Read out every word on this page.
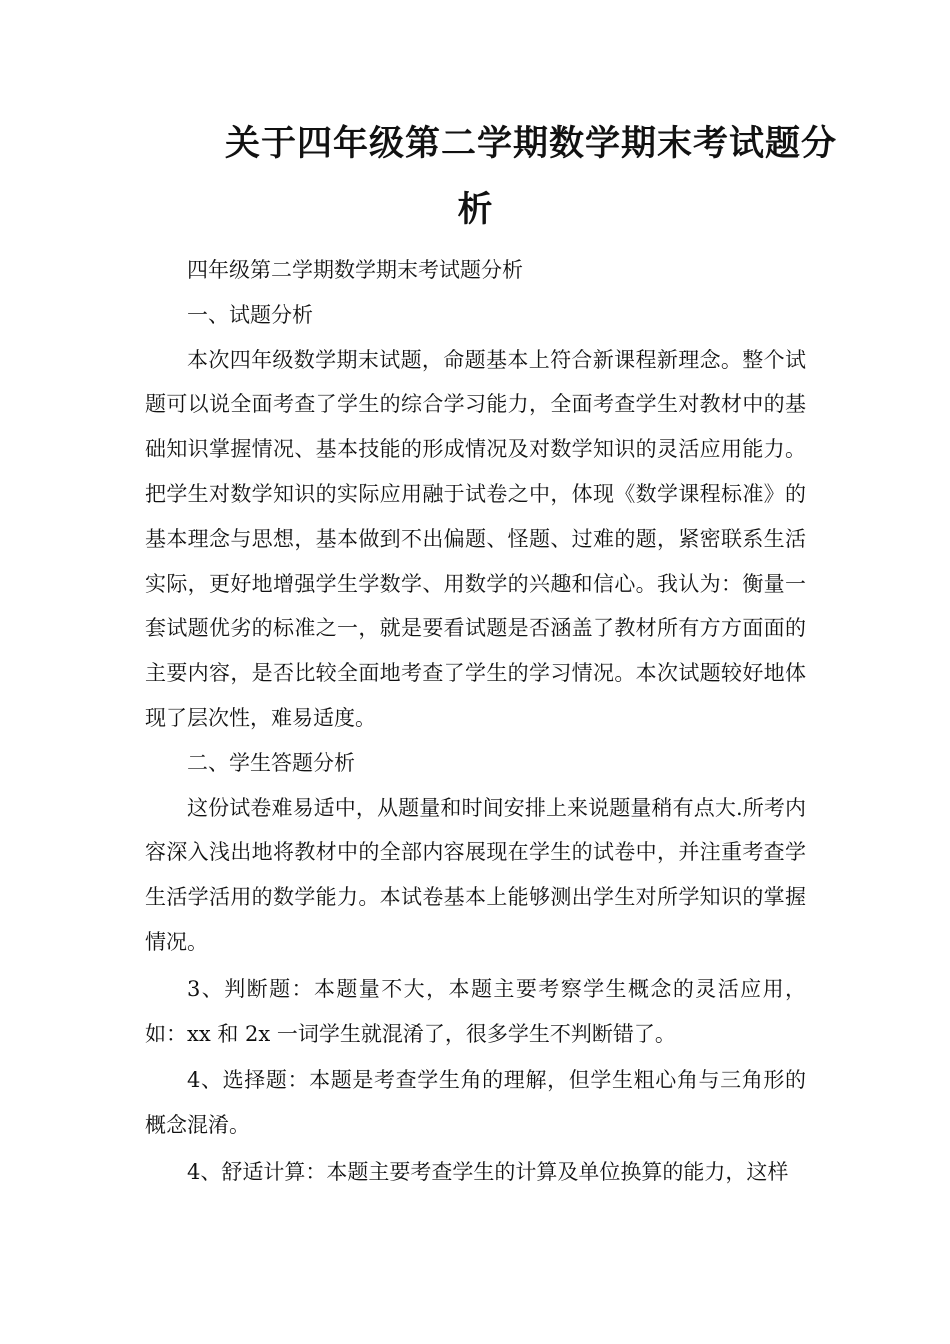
关于四年级第二学期数学期末考试题分
析

四年级第二学期数学期末考试题分析

一、试题分析

本次四年级数学期末试题，命题基本上符合新课程新理念。整个试题可以说全面考查了学生的综合学习能力，全面考查学生对教材中的基础知识掌握情况、基本技能的形成情况及对数学知识的灵活应用能力。把学生对数学知识的实际应用融于试卷之中，体现《数学课程标准》的基本理念与思想，基本做到不出偏题、怪题、过难的题，紧密联系生活实际，更好地增强学生学数学、用数学的兴趣和信心。我认为：衡量一套试题优劣的标准之一，就是要看试题是否涵盖了教材所有方方面面的主要内容，是否比较全面地考查了学生的学习情况。本次试题较好地体现了层次性，难易适度。

二、学生答题分析

这份试卷难易适中，从题量和时间安排上来说题量稍有点大.所考内容深入浅出地将教材中的全部内容展现在学生的试卷中，并注重考查学生活学活用的数学能力。本试卷基本上能够测出学生对所学知识的掌握情况。

3、判断题：本题量不大，本题主要考察学生概念的灵活应用，如：xx 和 2x 一词学生就混淆了，很多学生不判断错了。

4、选择题：本题是考查学生角的理解，但学生粗心角与三角形的概念混淆。

4、舒适计算：本题主要考查学生的计算及单位换算的能力，这样
